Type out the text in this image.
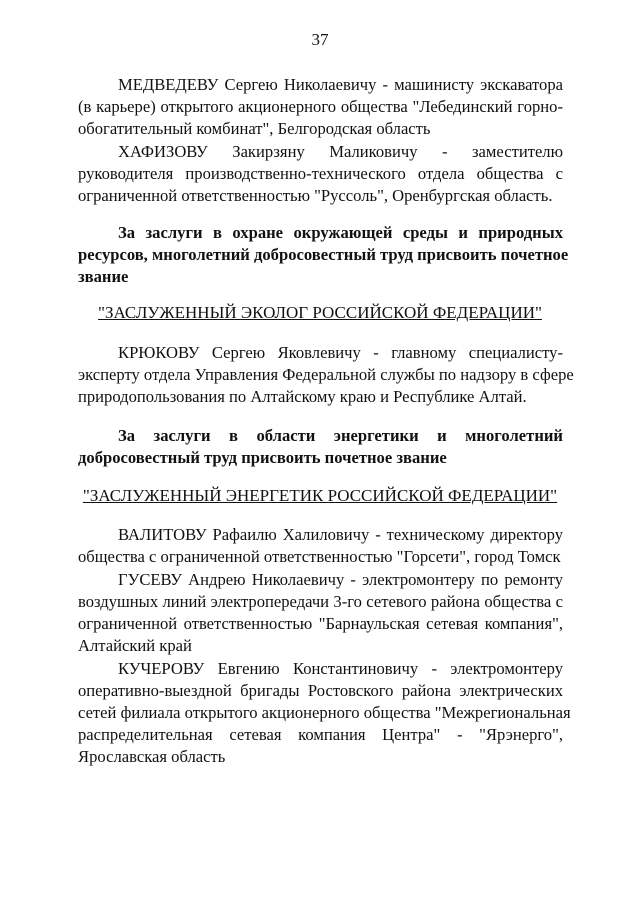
37
МЕДВЕДЕВУ Сергею Николаевичу - машинисту экскаватора
(в карьере) открытого акционерного общества "Лебединский горно-
обогатительный комбинат", Белгородская область
ХАФИЗОВУ Закирзяну Маликовичу - заместителю
руководителя производственно-технического отдела общества с
ограниченной ответственностью "Руссоль", Оренбургская область.
За заслуги в охране окружающей среды и природных
ресурсов, многолетний добросовестный труд присвоить почетное
звание
"ЗАСЛУЖЕННЫЙ ЭКОЛОГ РОССИЙСКОЙ ФЕДЕРАЦИИ"
КРЮКОВУ Сергею Яковлевичу - главному специалисту-
эксперту отдела Управления Федеральной службы по надзору в сфере
природопользования по Алтайскому краю и Республике Алтай.
За заслуги в области энергетики и многолетний
добросовестный труд присвоить почетное звание
"ЗАСЛУЖЕННЫЙ ЭНЕРГЕТИК РОССИЙСКОЙ ФЕДЕРАЦИИ"
ВАЛИТОВУ Рафаилю Халиловичу - техническому директору
общества с ограниченной ответственностью "Горсети", город Томск
ГУСЕВУ Андрею Николаевичу - электромонтеру по ремонту
воздушных линий электропередачи 3-го сетевого района общества с
ограниченной ответственностью "Барнаульская сетевая компания",
Алтайский край
КУЧЕРОВУ Евгению Константиновичу - электромонтеру
оперативно-выездной бригады Ростовского района электрических
сетей филиала открытого акционерного общества "Межрегиональная
распределительная сетевая компания Центра" - "Ярэнерго",
Ярославская область
